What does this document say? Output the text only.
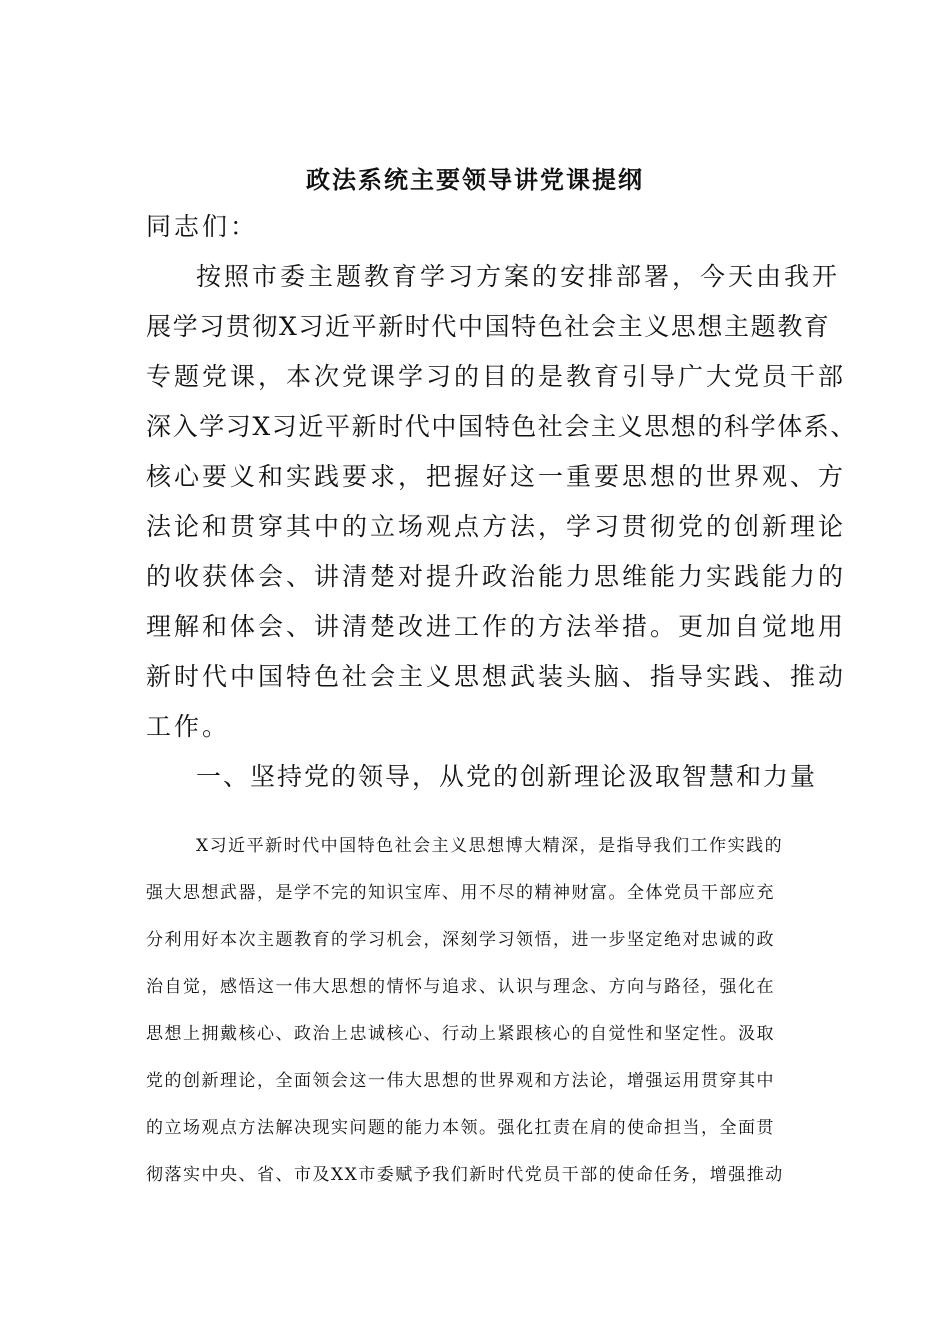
政法系统主要领导讲党课提纲
同志们：
按照市委主题教育学习方案的安排部署，今天由我开
展学习贯彻X习近平新时代中国特色社会主义思想主题教育
专题党课，本次党课学习的目的是教育引导广大党员干部
深入学习X习近平新时代中国特色社会主义思想的科学体系、
核心要义和实践要求，把握好这一重要思想的世界观、方
法论和贯穿其中的立场观点方法，学习贯彻党的创新理论
的收获体会、讲清楚对提升政治能力思维能力实践能力的
理解和体会、讲清楚改进工作的方法举措。更加自觉地用
新时代中国特色社会主义思想武装头脑、指导实践、推动
工作。
一、坚持党的领导，从党的创新理论汲取智慧和力量
X习近平新时代中国特色社会主义思想博大精深，是指导我们工作实践的
强大思想武器，是学不完的知识宝库、用不尽的精神财富。全体党员干部应充
分利用好本次主题教育的学习机会，深刻学习领悟，进一步坚定绝对忠诚的政
治自觉，感悟这一伟大思想的情怀与追求、认识与理念、方向与路径，强化在
思想上拥戴核心、政治上忠诚核心、行动上紧跟核心的自觉性和坚定性。汲取
党的创新理论，全面领会这一伟大思想的世界观和方法论，增强运用贯穿其中
的立场观点方法解决现实问题的能力本领。强化扛责在肩的使命担当，全面贯
彻落实中央、省、市及XX市委赋予我们新时代党员干部的使命任务，增强推动
